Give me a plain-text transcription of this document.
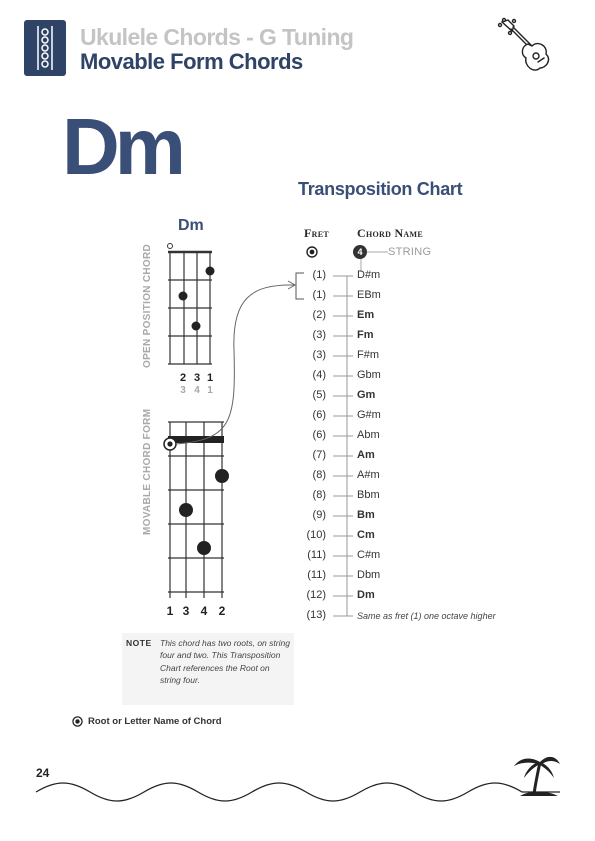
Ukulele Chords - G Tuning
Movable Form Chords
Dm	Transposition Chart
Dm
OPEN POSITION CHORD
MOVABLE CHORD FORM
2 3 1
3 4 1
1 3 4 2
Fret Chord Name
4	STRING
(1)	D#m
(1)	EBm
(2)	Em
(3)	Fm
(3)	F#m
(4)	Gbm
(5)	Gm
(6)	G#m
(6)	Abm
(7)	Am
(8)	A#m
(8)	Bbm
(9)	Bm
(10)	Cm
(11)	C#m
(11)	Dbm
(12)	Dm
(13)	Same as fret (1) one octave higher
NOTE This chord has two roots, on string four and two. This Transposition Chart references the Root on string four.
Root or Letter Name of Chord
24
